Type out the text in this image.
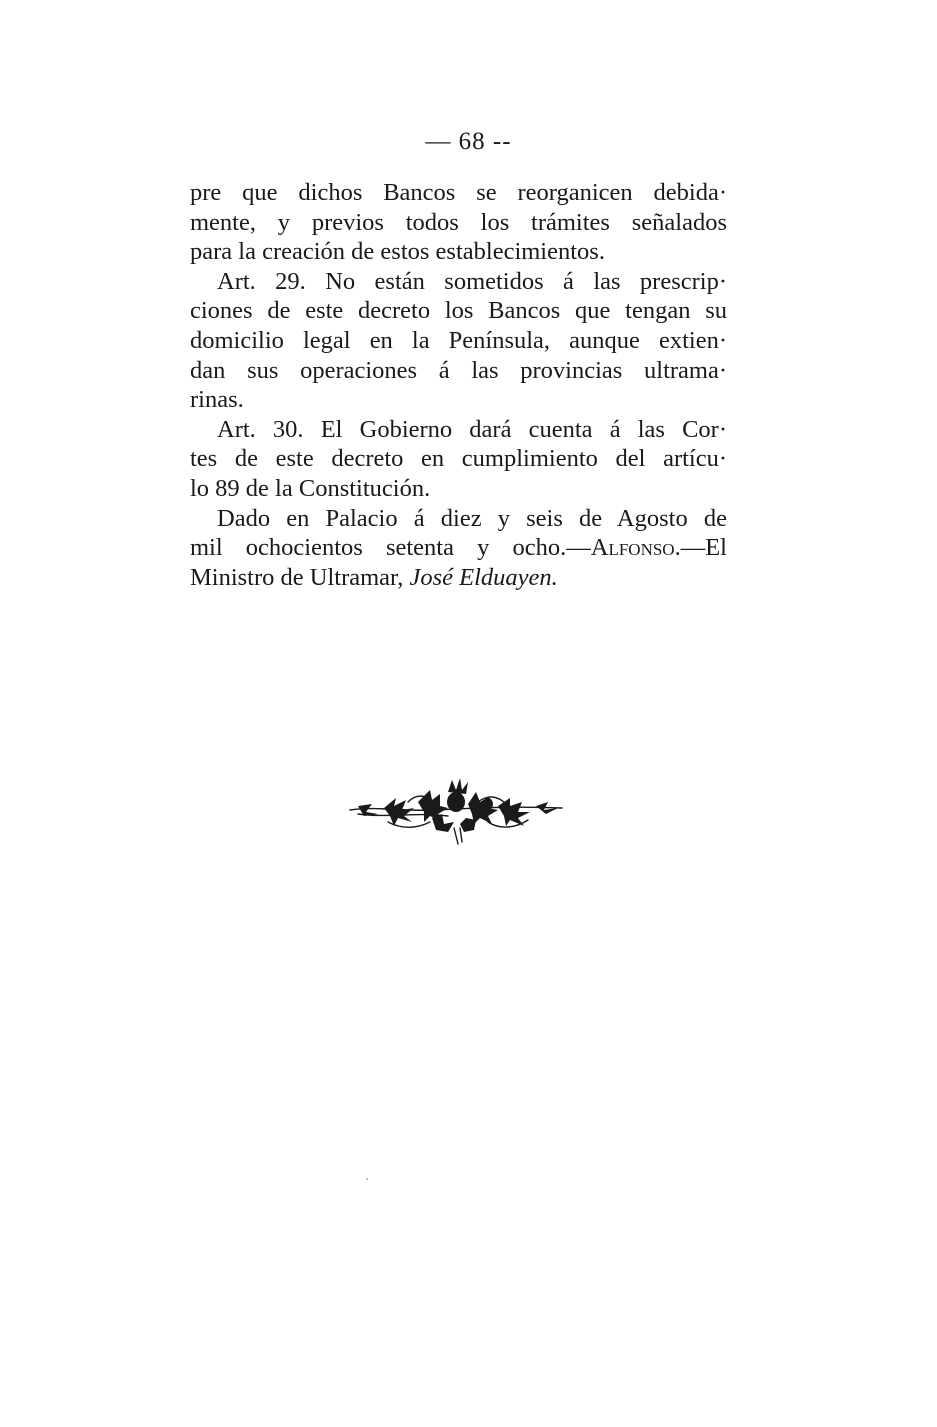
— 68 --
pre que dichos Bancos se reorganicen debida·
mente, y previos todos los trámites señalados
para la creación de estos establecimientos.
Art. 29. No están sometidos á las prescrip·
ciones de este decreto los Bancos que tengan su
domicilio legal en la Península, aunque extien·
dan sus operaciones á las provincias ultrama·
rinas.
Art. 30. El Gobierno dará cuenta á las Cor·
tes de este decreto en cumplimiento del artícu·
lo 89 de la Constitución.
Dado en Palacio á diez y seis de Agosto de
mil ochocientos setenta y ocho.—Alfonso.—El
Ministro de Ultramar, José Elduayen.
